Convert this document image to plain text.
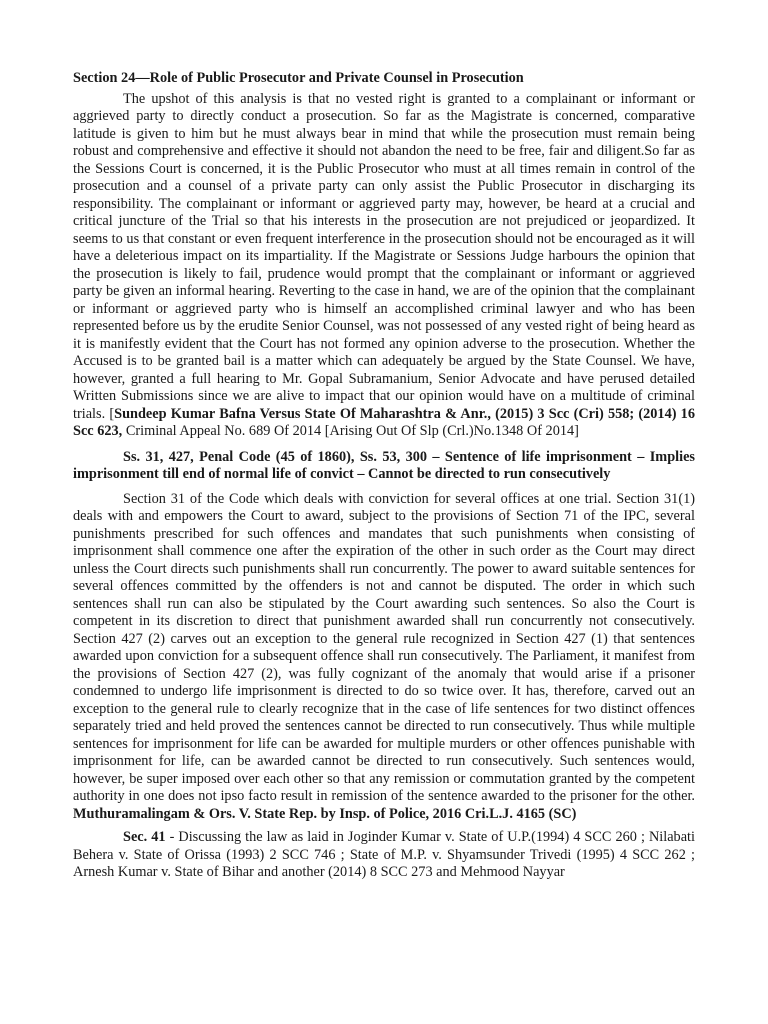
Section 24—Role of Public Prosecutor and Private Counsel in Prosecution

The upshot of this analysis is that no vested right is granted to a complainant or informant or aggrieved party to directly conduct a prosecution. So far as the Magistrate is concerned, comparative latitude is given to him but he must always bear in mind that while the prosecution must remain being robust and comprehensive and effective it should not abandon the need to be free, fair and diligent.So far as the Sessions Court is concerned, it is the Public Prosecutor who must at all times remain in control of the prosecution and a counsel of a private party can only assist the Public Prosecutor in discharging its responsibility. The complainant or informant or aggrieved party may, however, be heard at a crucial and critical juncture of the Trial so that his interests in the prosecution are not prejudiced or jeopardized. It seems to us that constant or even frequent interference in the prosecution should not be encouraged as it will have a deleterious impact on its impartiality. If the Magistrate or Sessions Judge harbours the opinion that the prosecution is likely to fail, prudence would prompt that the complainant or informant or aggrieved party be given an informal hearing. Reverting to the case in hand, we are of the opinion that the complainant or informant or aggrieved party who is himself an accomplished criminal lawyer and who has been represented before us by the erudite Senior Counsel, was not possessed of any vested right of being heard as it is manifestly evident that the Court has not formed any opinion adverse to the prosecution. Whether the Accused is to be granted bail is a matter which can adequately be argued by the State Counsel. We have, however, granted a full hearing to Mr. Gopal Subramanium, Senior Advocate and have perused detailed Written Submissions since we are alive to impact that our opinion would have on a multitude of criminal trials. [Sundeep Kumar Bafna Versus State Of Maharashtra & Anr., (2015) 3 Scc (Cri) 558; (2014) 16 Scc 623, Criminal Appeal No. 689 Of 2014 [Arising Out Of Slp (Crl.)No.1348 Of 2014]

Ss. 31, 427, Penal Code (45 of 1860), Ss. 53, 300 – Sentence of life imprisonment – Implies imprisonment till end of normal life of convict – Cannot be directed to run consecutively

Section 31 of the Code which deals with conviction for several offices at one trial. Section 31(1) deals with and empowers the Court to award, subject to the provisions of Section 71 of the IPC, several punishments prescribed for such offences and mandates that such punishments when consisting of imprisonment shall commence one after the expiration of the other in such order as the Court may direct unless the Court directs such punishments shall run concurrently. The power to award suitable sentences for several offences committed by the offenders is not and cannot be disputed. The order in which such sentences shall run can also be stipulated by the Court awarding such sentences. So also the Court is competent in its discretion to direct that punishment awarded shall run concurrently not consecutively. Section 427 (2) carves out an exception to the general rule recognized in Section 427 (1) that sentences awarded upon conviction for a subsequent offence shall run consecutively. The Parliament, it manifest from the provisions of Section 427 (2), was fully cognizant of the anomaly that would arise if a prisoner condemned to undergo life imprisonment is directed to do so twice over. It has, therefore, carved out an exception to the general rule to clearly recognize that in the case of life sentences for two distinct offences separately tried and held proved the sentences cannot be directed to run consecutively. Thus while multiple sentences for imprisonment for life can be awarded for multiple murders or other offences punishable with imprisonment for life, can be awarded cannot be directed to run consecutively. Such sentences would, however, be super imposed over each other so that any remission or commutation granted by the competent authority in one does not ipso facto result in remission of the sentence awarded to the prisoner for the other. Muthuramalingam & Ors. V. State Rep. by Insp. of Police, 2016 Cri.L.J. 4165 (SC)

Sec. 41 - Discussing the law as laid in Joginder Kumar v. State of U.P.(1994) 4 SCC 260 ; Nilabati Behera v. State of Orissa (1993) 2 SCC 746 ; State of M.P. v. Shyamsunder Trivedi (1995) 4 SCC 262 ; Arnesh Kumar v. State of Bihar and another (2014) 8 SCC 273 and Mehmood Nayyar
